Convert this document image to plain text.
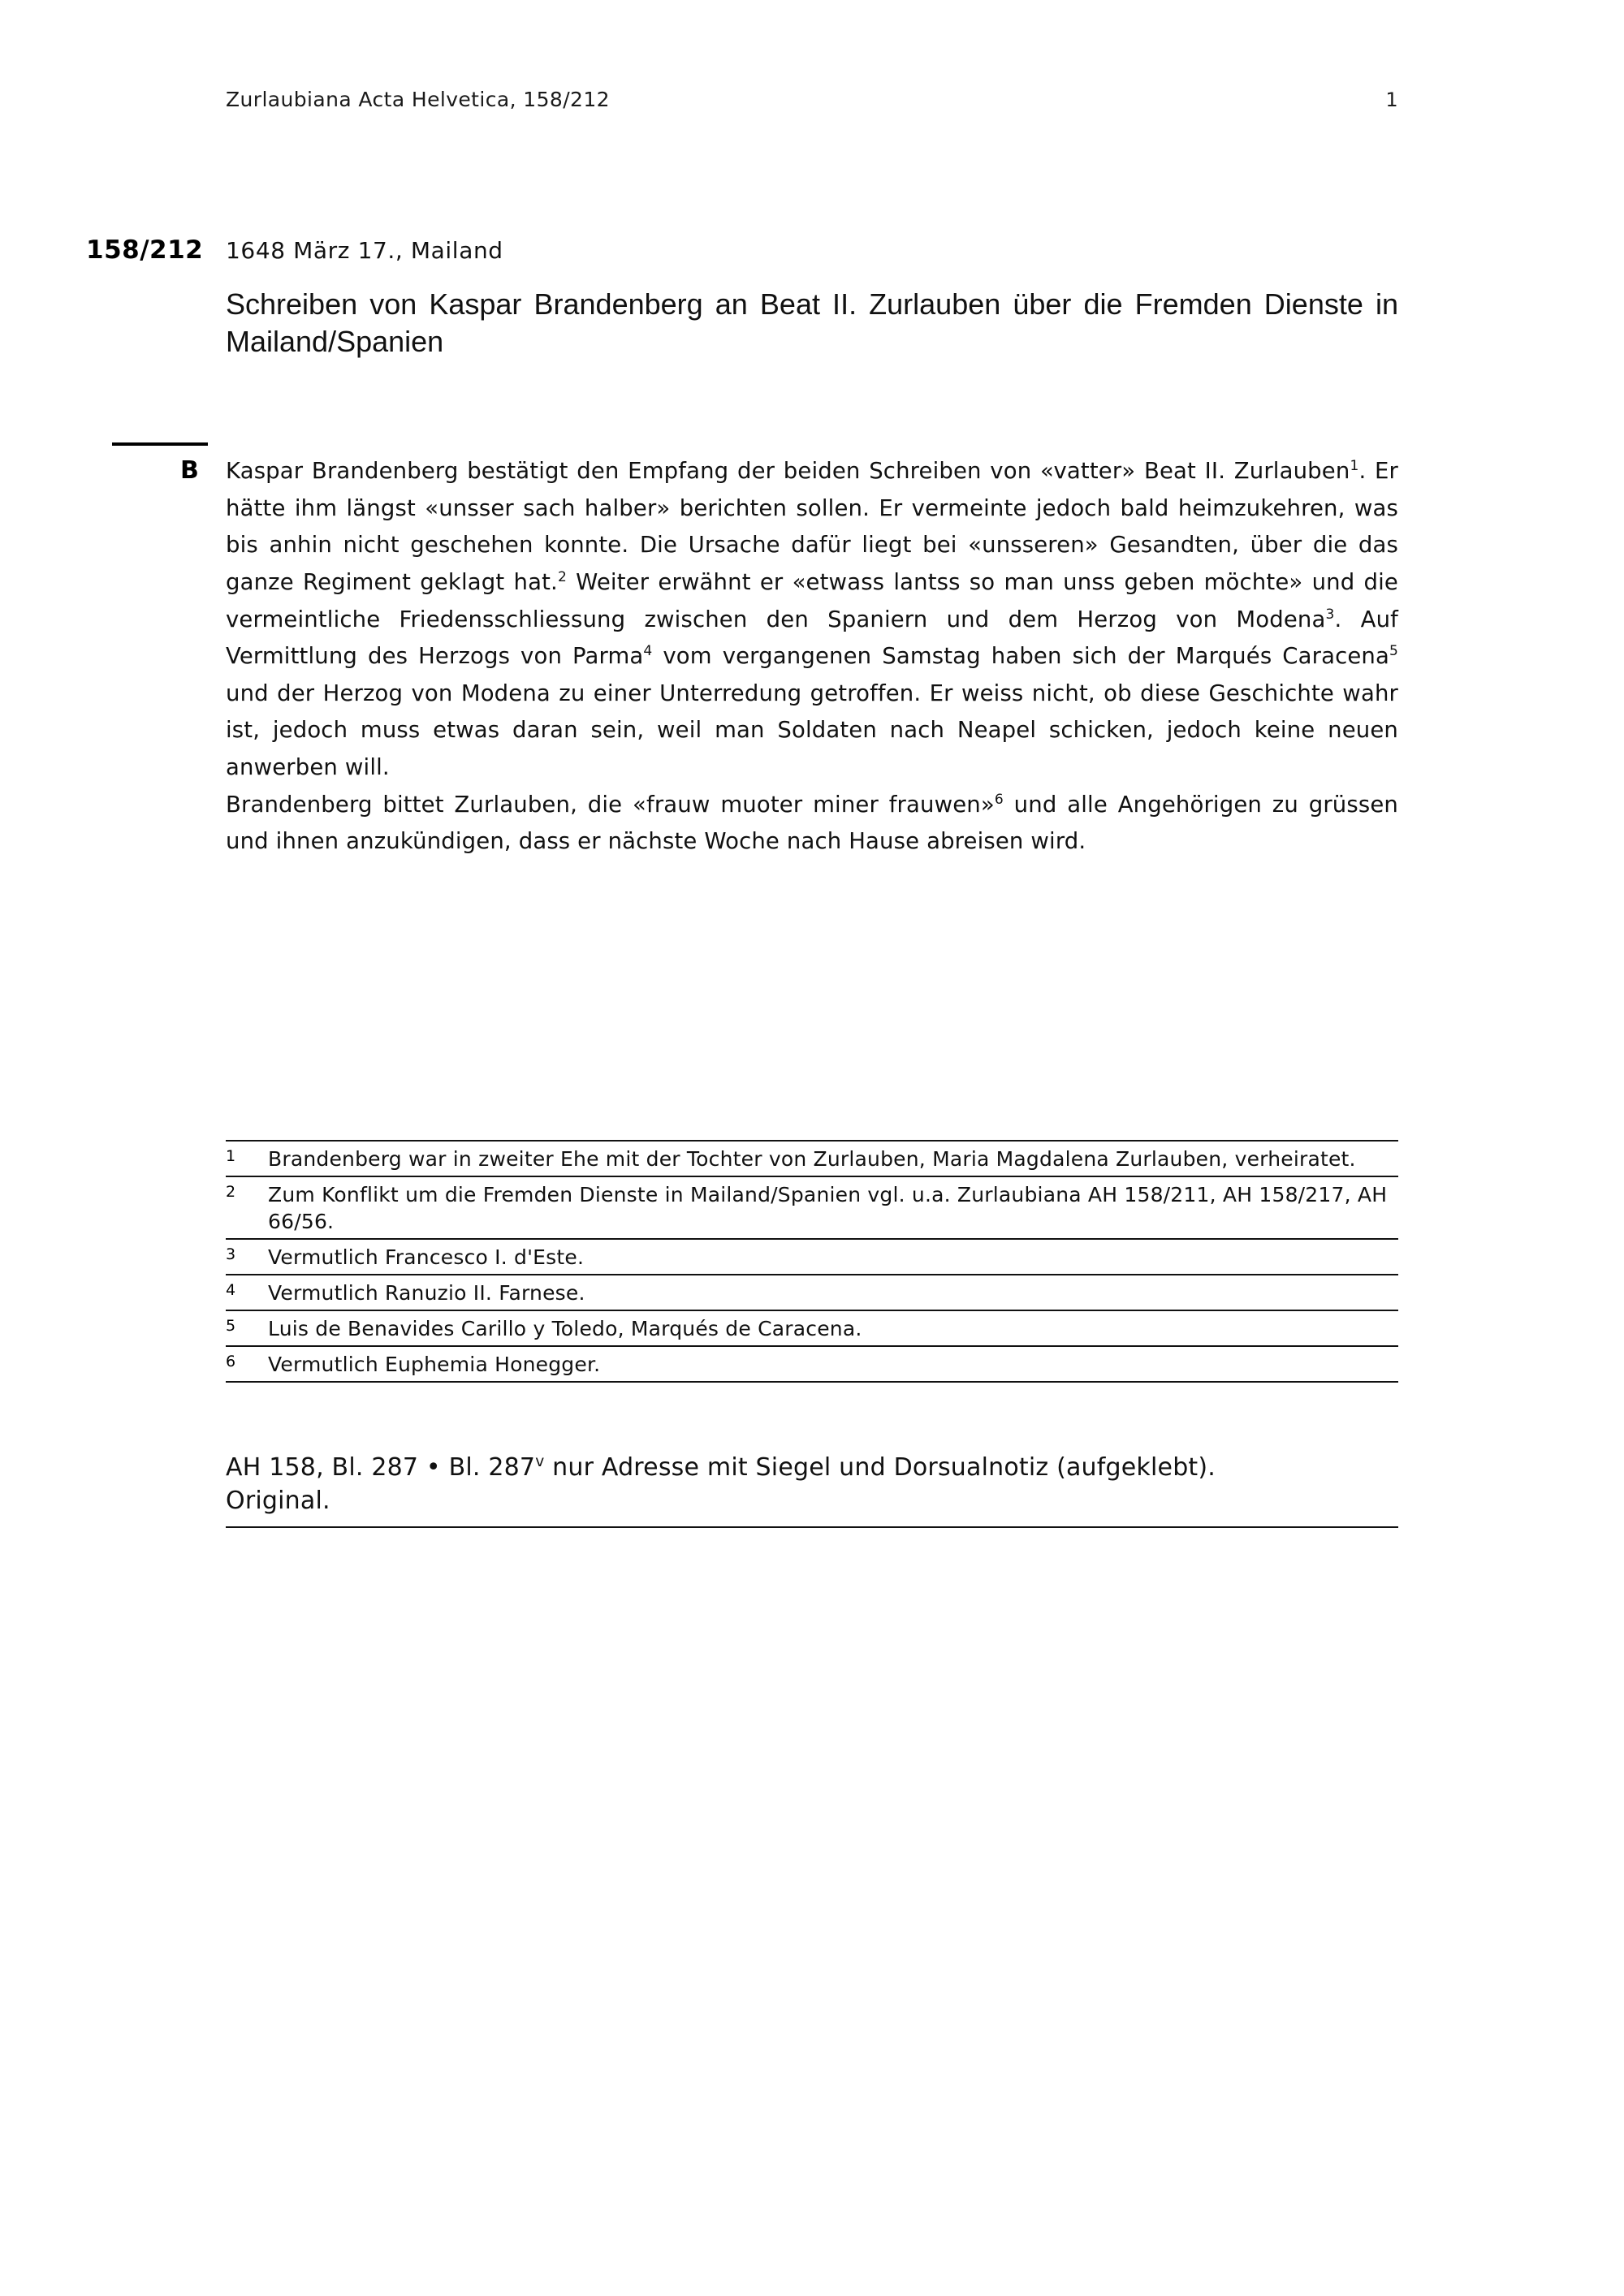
Zurlaubiana Acta Helvetica, 158/212	1
158/212 1648 März 17., Mailand
Schreiben von Kaspar Brandenberg an Beat II. Zurlauben über die Fremden Dienste in Mailand/Spanien
B Kaspar Brandenberg bestätigt den Empfang der beiden Schreiben von «vatter» Beat II. Zurlauben$^1$. Er hätte ihm längst «unsser sach halber» berichten sollen. Er vermeinte jedoch bald heimzukehren, was bis anhin nicht geschehen konnte. Die Ursache dafür liegt bei «unsseren» Gesandten, über die das ganze Regiment geklagt hat.$^2$ Weiter erwähnt er «etwass lantss so man unss geben möchte» und die vermeintliche Friedensschliessung zwischen den Spaniern und dem Herzog von Modena$^3$. Auf Vermittlung des Herzogs von Parma$^4$ vom vergangenen Samstag haben sich der Marqués Caracena$^5$ und der Herzog von Modena zu einer Unterredung getroffen. Er weiss nicht, ob diese Geschichte wahr ist, jedoch muss etwas daran sein, weil man Soldaten nach Neapel schicken, jedoch keine neuen anwerben will.

Brandenberg bittet Zurlauben, die «frauw muoter miner frauwen»$^6$ und alle Angehörigen zu grüssen und ihnen anzukündigen, dass er nächste Woche nach Hause abreisen wird.

1	Brandenberg war in zweiter Ehe mit der Tochter von Zurlauben, Maria Magdalena Zurlauben, verheiratet.
2	Zum Konflikt um die Fremden Dienste in Mailand/Spanien vgl. u.a. Zurlaubiana AH 158/211, AH 158/217, AH 66/56.
3	Vermutlich Francesco I. d'Este.
4	Vermutlich Ranuzio II. Farnese.
5	Luis de Benavides Carillo y Toledo, Marqués de Caracena.
6	Vermutlich Euphemia Honegger.
AH 158, Bl. 287 • Bl. 287$^v$ nur Adresse mit Siegel und Dorsualnotiz (aufgeklebt).
Original.
